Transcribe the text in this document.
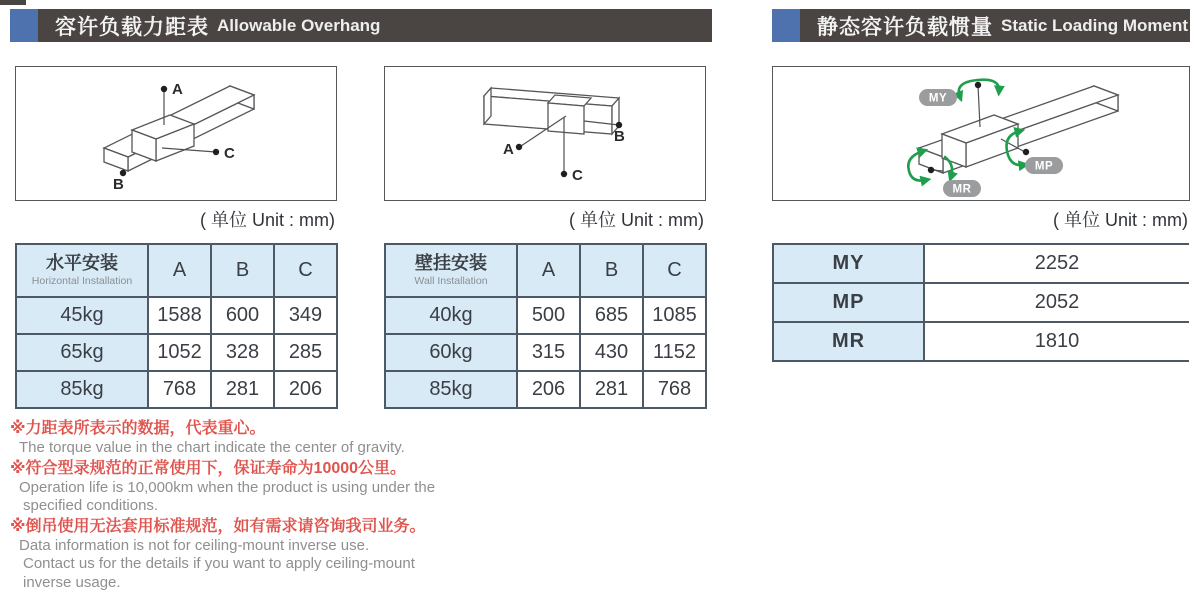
容许负载力距表 Allowable Overhang	静态容许负载惯量 Static Loading Moment
A
C
B
A
C
B
MY
MP
MR
( 单位 Unit : mm)	( 单位 Unit : mm)	( 单位 Unit : mm)
水平安装
Horizontal Installation	A	B	C
45kg	1588	600	349
65kg	1052	328	285
85kg	768	281	206
壁挂安装
Wall Installation	A	B	C
40kg	500	685	1085
60kg	315	430	1152
85kg	206	281	768
MY	2252
MP	2052
MR	1810
※力距表所表示的数据，代表重心。
The torque value in the chart indicate the center of gravity.
※符合型录规范的正常使用下，保证寿命为10000公里。
Operation life is 10,000km when the product is using under the
specified conditions.
※倒吊使用无法套用标准规范，如有需求请咨询我司业务。
Data information is not for ceiling-mount inverse use.
Contact us for the details if you want to apply ceiling-mount
inverse usage.
